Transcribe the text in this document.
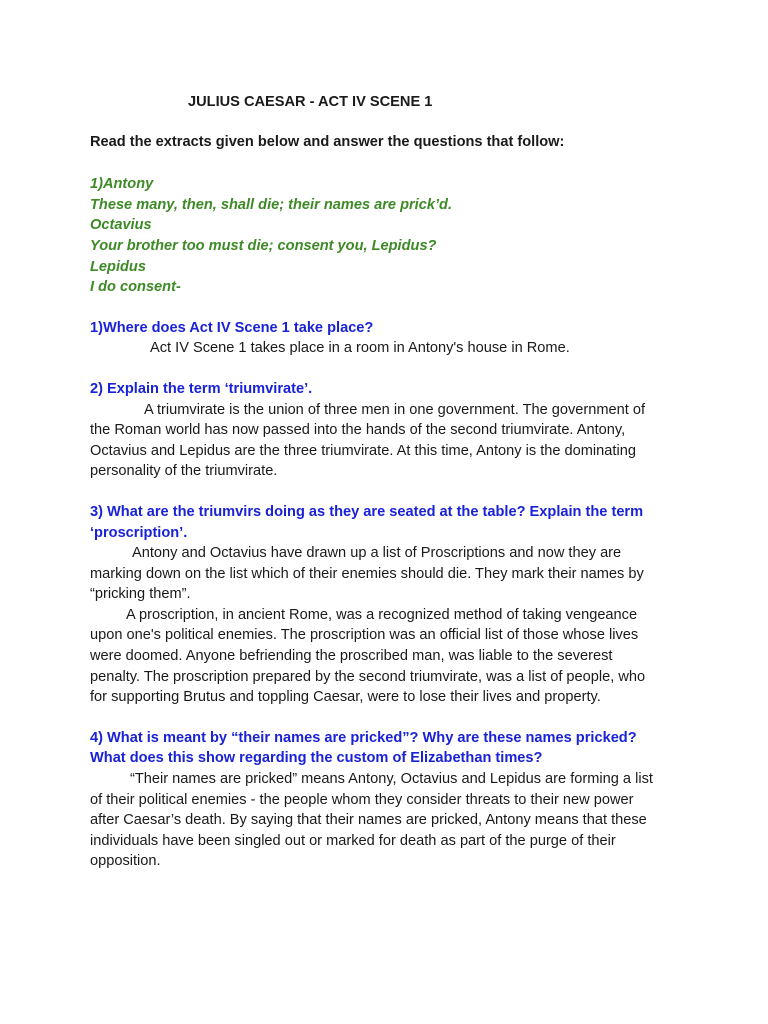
JULIUS CAESAR - ACT IV SCENE 1
Read the extracts given below and answer the questions that follow:
1)Antony
These many, then, shall die; their names are prick’d.
Octavius
Your brother too must die; consent you, Lepidus?
Lepidus
I do consent-
1)Where does Act IV Scene 1 take place?
Act IV Scene 1 takes place in a room in Antony's house in Rome.
2) Explain the term ‘triumvirate’.
A triumvirate is the union of three men in one government. The government of
the Roman world has now passed into the hands of the second triumvirate. Antony,
Octavius and Lepidus are the three triumvirate. At this time, Antony is the dominating
personality of the triumvirate.
3) What are the triumvirs doing as they are seated at the table? Explain the term
‘proscription’.
Antony and Octavius have drawn up a list of Proscriptions and now they are
marking down on the list which of their enemies should die. They mark their names by
“pricking them”.
A proscription, in ancient Rome, was a recognized method of taking vengeance
upon one's political enemies. The proscription was an official list of those whose lives
were doomed. Anyone befriending the proscribed man, was liable to the severest
penalty. The proscription prepared by the second triumvirate, was a list of people, who
for supporting Brutus and toppling Caesar, were to lose their lives and property.
4) What is meant by “their names are pricked”? Why are these names pricked?
What does this show regarding the custom of Elizabethan times?
“Their names are pricked” means Antony, Octavius and Lepidus are forming a list
of their political enemies - the people whom they consider threats to their new power
after Caesar’s death. By saying that their names are pricked, Antony means that these
individuals have been singled out or marked for death as part of the purge of their
opposition.
